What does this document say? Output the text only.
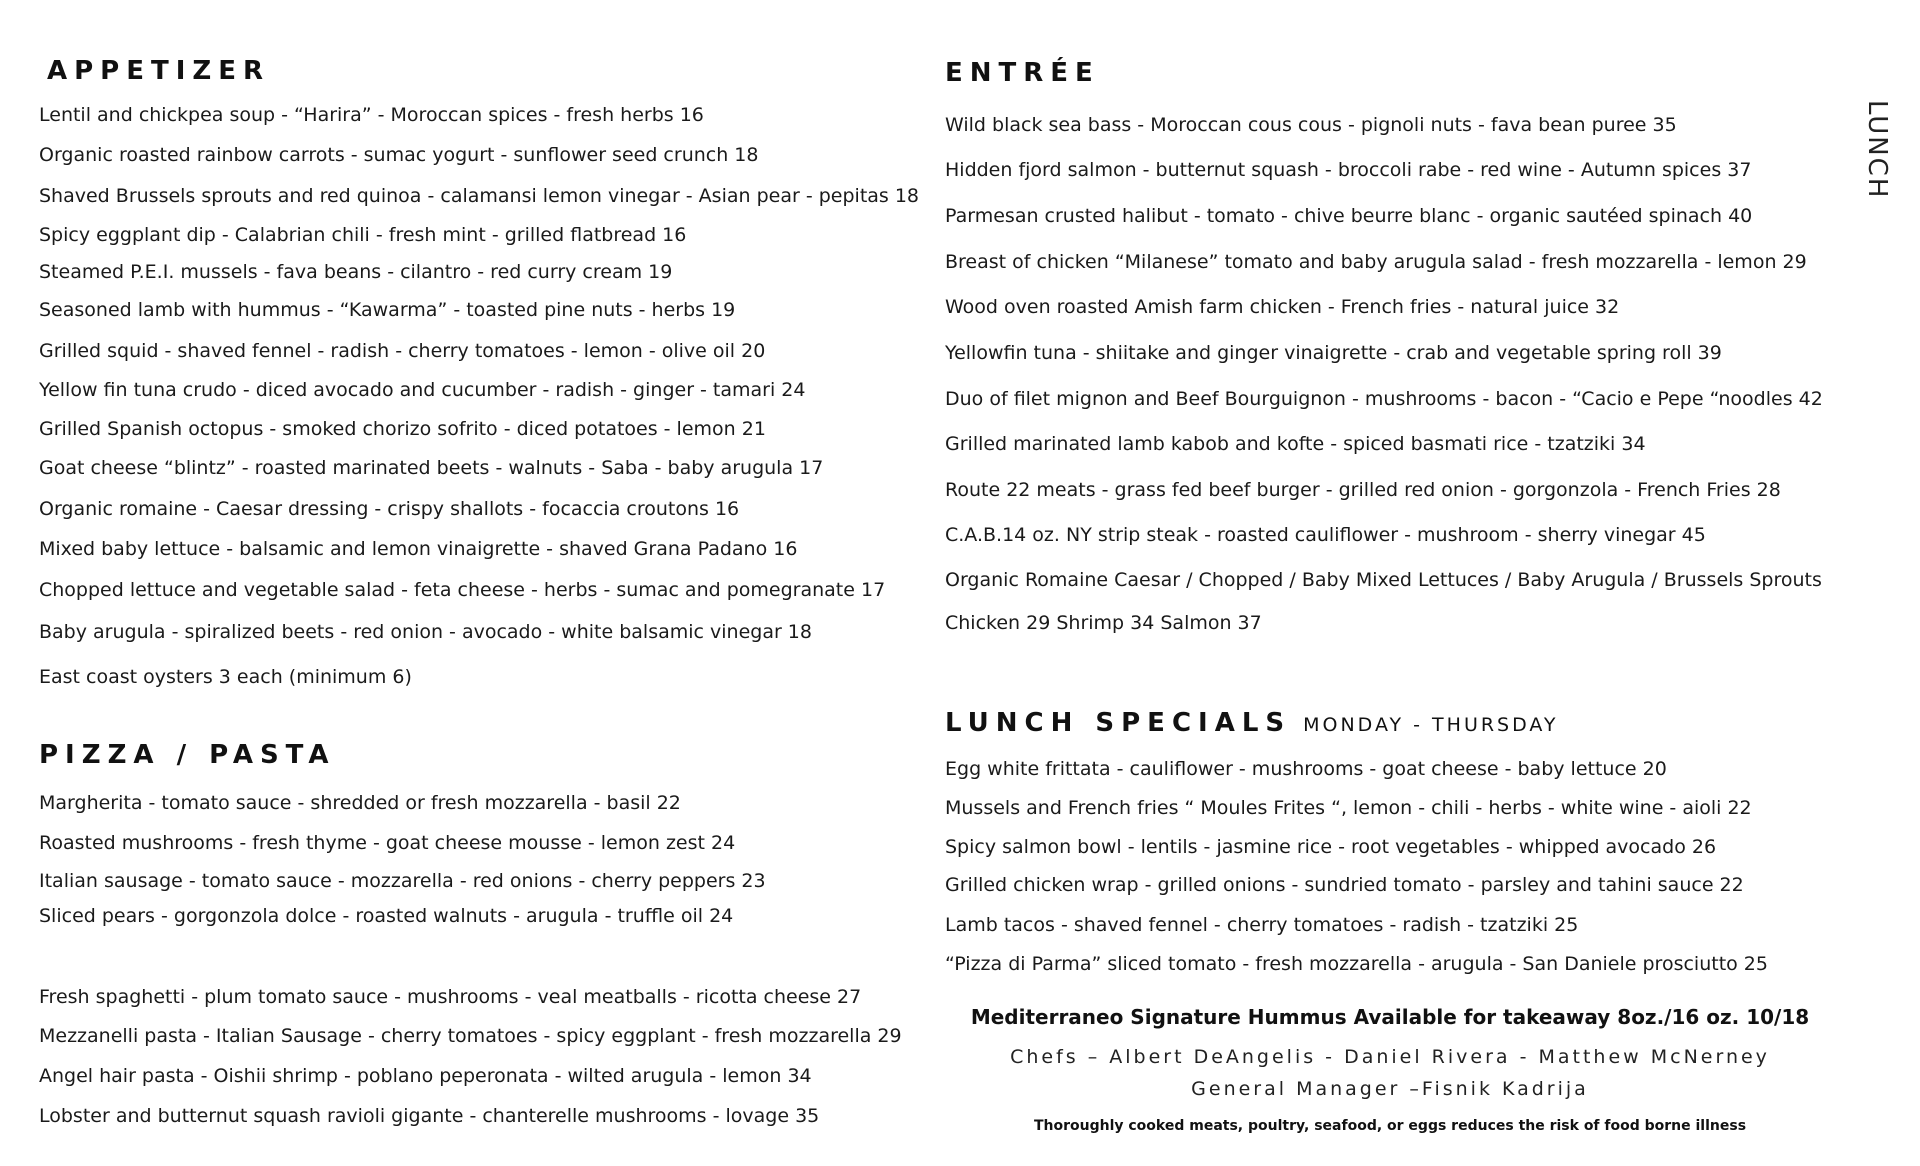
APPETIZER
Lentil and chickpea soup - “Harira” - Moroccan spices - fresh herbs 16
Organic roasted rainbow carrots - sumac yogurt - sunflower seed crunch 18
Shaved Brussels sprouts and red quinoa - calamansi lemon vinegar - Asian pear - pepitas 18
Spicy eggplant dip - Calabrian chili - fresh mint - grilled flatbread 16
Steamed P.E.I. mussels - fava beans - cilantro - red curry cream 19
Seasoned lamb with hummus - “Kawarma” - toasted pine nuts - herbs 19
Grilled squid - shaved fennel - radish - cherry tomatoes - lemon - olive oil 20
Yellow fin tuna crudo - diced avocado and cucumber - radish - ginger - tamari 24
Grilled Spanish octopus - smoked chorizo sofrito - diced potatoes - lemon 21
Goat cheese “blintz” - roasted marinated beets - walnuts - Saba - baby arugula 17
Organic romaine - Caesar dressing - crispy shallots - focaccia croutons 16
Mixed baby lettuce - balsamic and lemon vinaigrette - shaved Grana Padano 16
Chopped lettuce and vegetable salad - feta cheese - herbs - sumac and pomegranate 17
Baby arugula - spiralized beets - red onion - avocado - white balsamic vinegar 18
East coast oysters 3 each (minimum 6)
PIZZA / PASTA
Margherita - tomato sauce - shredded or fresh mozzarella - basil 22
Roasted mushrooms - fresh thyme - goat cheese mousse - lemon zest 24
Italian sausage - tomato sauce - mozzarella - red onions - cherry peppers 23
Sliced pears - gorgonzola dolce - roasted walnuts - arugula - truffle oil 24
Fresh spaghetti - plum tomato sauce - mushrooms - veal meatballs - ricotta cheese 27
Mezzanelli pasta - Italian Sausage - cherry tomatoes - spicy eggplant - fresh mozzarella 29
Angel hair pasta - Oishii shrimp - poblano peperonata - wilted arugula - lemon 34
Lobster and butternut squash ravioli gigante - chanterelle mushrooms - lovage 35
ENTRÉE
Wild black sea bass - Moroccan cous cous - pignoli nuts - fava bean puree 35
Hidden fjord salmon - butternut squash - broccoli rabe - red wine - Autumn spices 37
Parmesan crusted halibut - tomato - chive beurre blanc - organic sautéed spinach 40
Breast of chicken “Milanese” tomato and baby arugula salad - fresh mozzarella - lemon 29
Wood oven roasted Amish farm chicken - French fries - natural juice 32
Yellowfin tuna - shiitake and ginger vinaigrette - crab and vegetable spring roll 39
Duo of filet mignon and Beef Bourguignon - mushrooms - bacon - “Cacio e Pepe “noodles 42
Grilled marinated lamb kabob and kofte - spiced basmati rice - tzatziki 34
Route 22 meats - grass fed beef burger - grilled red onion - gorgonzola - French Fries 28
C.A.B.14 oz. NY strip steak - roasted cauliflower - mushroom - sherry vinegar 45
Organic Romaine Caesar / Chopped / Baby Mixed Lettuces / Baby Arugula / Brussels Sprouts
Chicken 29 Shrimp 34 Salmon 37
LUNCH SPECIALS MONDAY - THURSDAY
Egg white frittata - cauliflower - mushrooms - goat cheese - baby lettuce 20
Mussels and French fries “ Moules Frites “, lemon - chili - herbs - white wine - aioli 22
Spicy salmon bowl - lentils - jasmine rice - root vegetables - whipped avocado 26
Grilled chicken wrap - grilled onions - sundried tomato - parsley and tahini sauce 22
Lamb tacos - shaved fennel - cherry tomatoes - radish - tzatziki 25
“Pizza di Parma” sliced tomato - fresh mozzarella - arugula - San Daniele prosciutto 25
Mediterraneo Signature Hummus Available for takeaway 8oz./16 oz. 10/18
Chefs – Albert DeAngelis - Daniel Rivera - Matthew McNerney
General Manager –Fisnik Kadrija
Thoroughly cooked meats, poultry, seafood, or eggs reduces the risk of food borne illness
LUNCH
